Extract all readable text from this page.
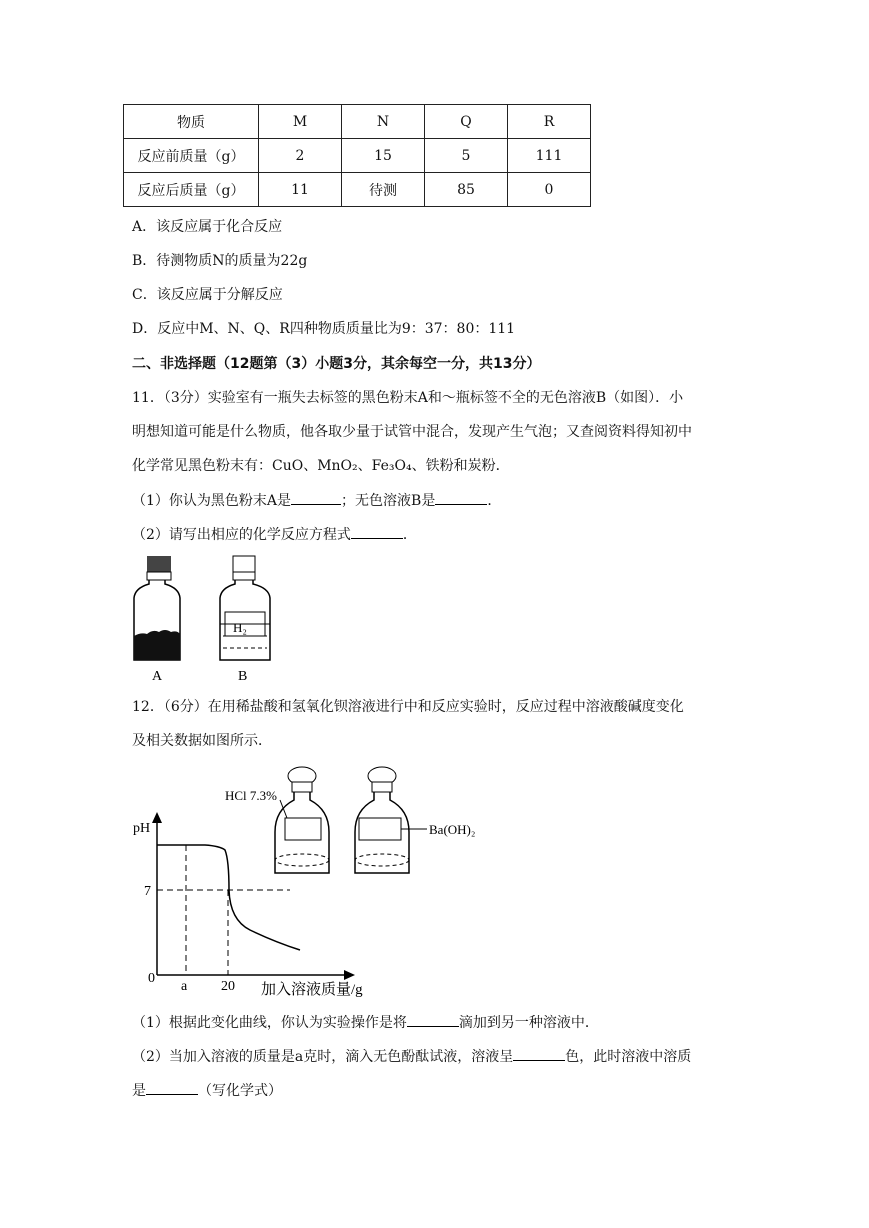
物质	M	N	Q	R
反应前质量（g）	2	15	5	111
反应后质量（g）	11	待测	85	0
A．该反应属于化合反应
B．待测物质N的质量为22g
C．该反应属于分解反应
D．反应中M、N、Q、R四种物质质量比为9：37：80：111
二、非选择题（12题第（3）小题3分，其余每空一分，共13分）
11．（3分）实验室有一瓶失去标签的黑色粉末A和～瓶标签不全的无色溶液B（如图）．小
明想知道可能是什么物质，他各取少量于试管中混合，发现产生气泡；又查阅资料得知初中
化学常见黑色粉末有：CuO、MnO₂、Fe₃O₄、铁粉和炭粉．
（1）你认为黑色粉末A是	；无色溶液B是	．
（2）请写出相应的化学反应方程式	．
H₂
A	B
12．（6分）在用稀盐酸和氢氧化钡溶液进行中和反应实验时，反应过程中溶液酸碱度变化
及相关数据如图所示．
pH
7
0
a 20 加入溶液质量/g
HCl 7.3%
Ba(OH)₂
（1）根据此变化曲线，你认为实验操作是将	滴加到另一种溶液中．
（2）当加入溶液的质量是a克时，滴入无色酚酞试液，溶液呈	色，此时溶液中溶质
是	（写化学式）
